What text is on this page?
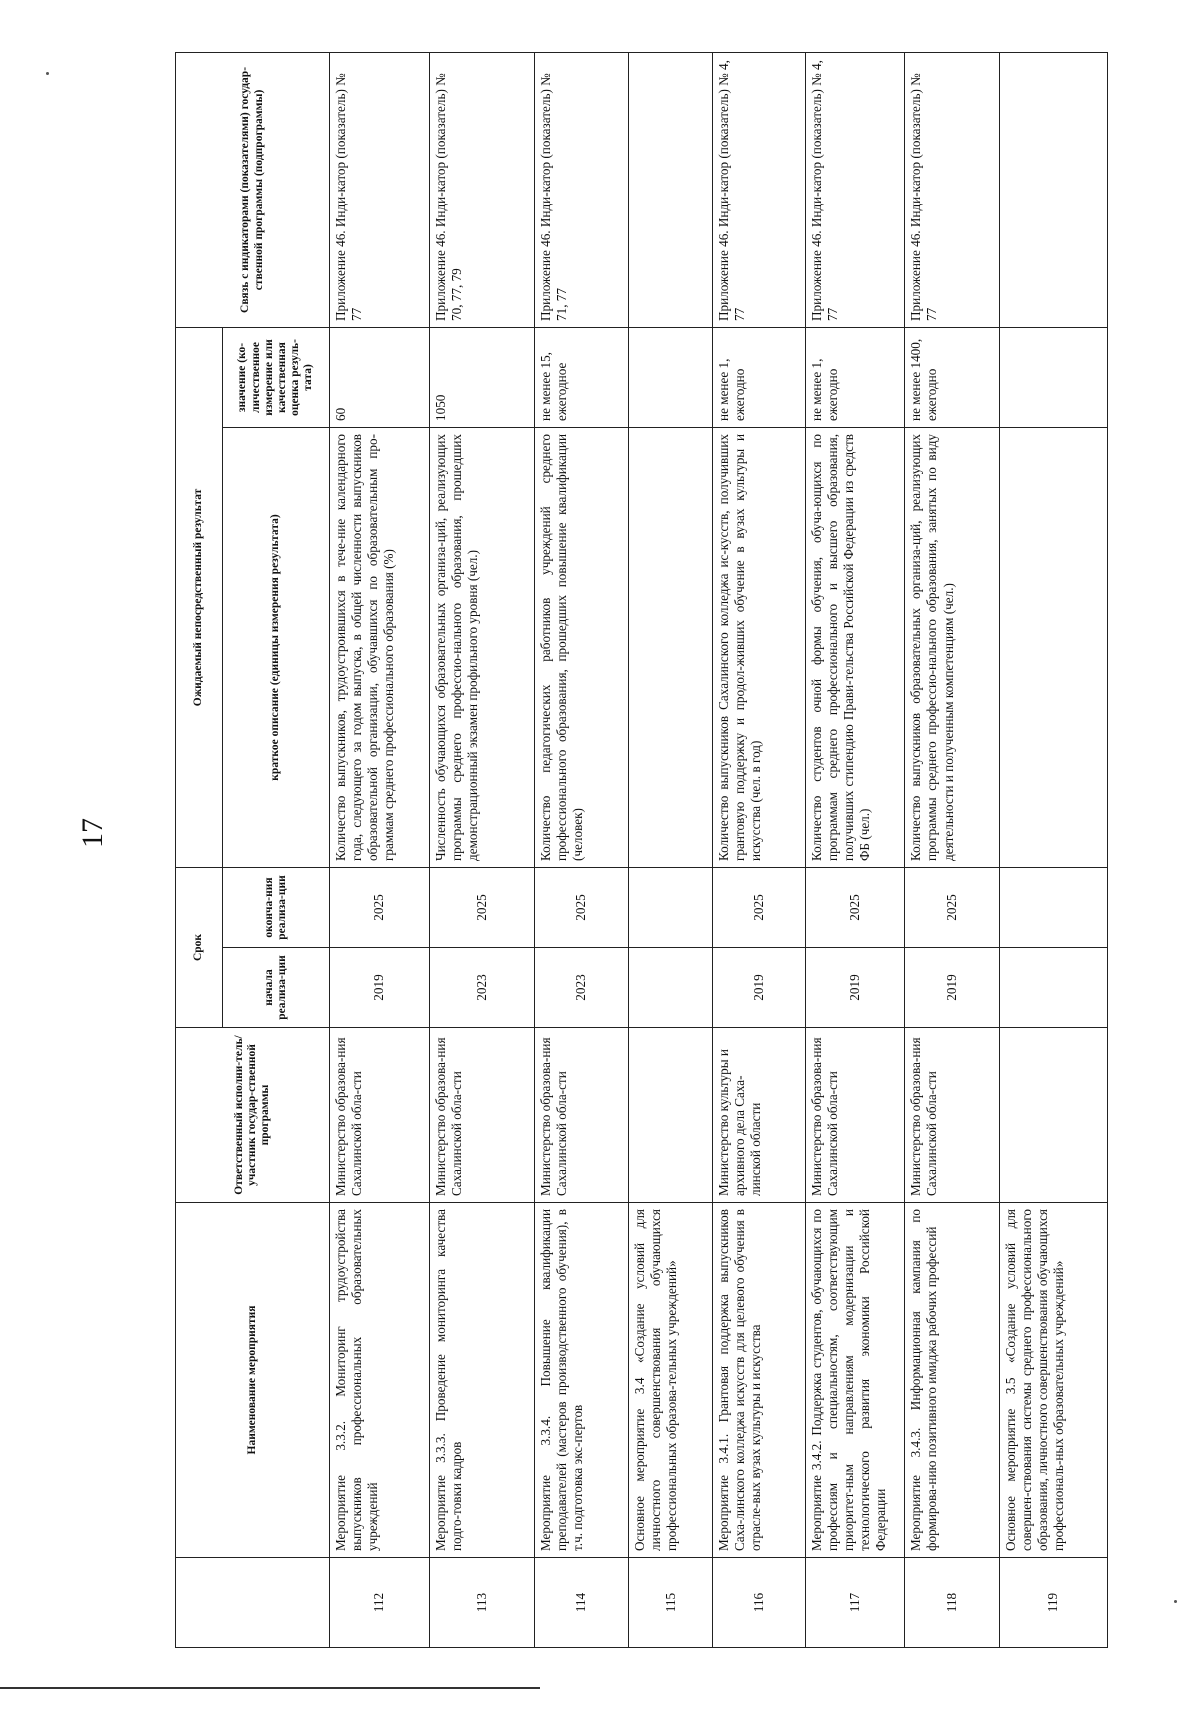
17
	Наименование мероприятия	Ответственный исполни-тель/участник государ-ственной программы	Срок		Ожидаемый непосредственный результат		Связь с индикаторами (показателями) государ-ственной программы (подпрограммы)
			начала реализа-ции	оконча-ния реализа-ции	краткое описание (единицы измерения результата)	значение (ко-личественное измерение или качественная оценка резуль-тата)	
112	Мероприятие 3.3.2. Мониторинг трудоустройства выпускников профессиональных образовательных учреждений	Министерство образова-ния Сахалинской обла-сти	2019	2025	Количество выпускников, трудоустроившихся в тече-ние календарного года, следующего за годом выпуска, в общей численности выпускников образовательной организации, обучавшихся по образовательным про-граммам среднего профессионального образования (%)	60	Приложение 46. Инди-катор (показатель) № 77
113	Мероприятие 3.3.3. Проведение мониторинга качества подго-товки кадров	Министерство образова-ния Сахалинской обла-сти	2023	2025	Численность обучающихся образовательных организа-ций, реализующих программы среднего профессио-нального образования, прошедших демонстрационный экзамен профильного уровня (чел.)	1050	Приложение 46. Инди-катор (показатель) № 70, 77, 79
114	Мероприятие 3.3.4. Повышение квалификации преподавателей (мастеров производственного обучения), в т.ч. подготовка экс-пертов	Министерство образова-ния Сахалинской обла-сти	2023	2025	Количество педагогических работников учреждений среднего профессионального образования, прошедших повышение квалификации (человек)	не менее 15, ежегодное	Приложение 46. Инди-катор (показатель) № 71, 77
115	Основное мероприятие 3.4 «Создание условий для личностного совершенствования обучающихся профессиональных образова-тельных учреждений»						
116	Мероприятие 3.4.1. Грантовая поддержка выпускников Саха-линского колледжа искусств для целевого обучения в отрасле-вых вузах культуры и искусства	Министерство культуры и архивного дела Саха-линской области	2019	2025	Количество выпускников Сахалинского колледжа ис-кусств, получивших грантовую поддержку и продол-живших обучение в вузах культуры и искусства (чел. в год)	не менее 1, ежегодно	Приложение 46. Инди-катор (показатель) № 4, 77
117	Мероприятие 3.4.2. Поддержка студентов, обучающихся по профессиям и специальностям, соответствующим приоритет-ным направлениям модернизации и технологического развития экономики Российской Федерации	Министерство образова-ния Сахалинской обла-сти	2019	2025	Количество студентов очной формы обучения, обуча-ющихся по программам среднего профессионального и высшего образования, получивших стипендию Прави-тельства Российской Федерации из средств ФБ (чел.)	не менее 1, ежегодно	Приложение 46. Инди-катор (показатель) № 4, 77
118	Мероприятие 3.4.3. Информационная кампания по формирова-нию позитивного имиджа рабочих профессий	Министерство образова-ния Сахалинской обла-сти	2019	2025	Количество выпускников образовательных организа-ций, реализующих программы среднего профессио-нального образования, занятых по виду деятельности и полученным компетенциям (чел.)	не менее 1400, ежегодно	Приложение 46. Инди-катор (показатель) № 77
119	Основное мероприятие 3.5 «Создание условий для совершен-ствования системы среднего профессионального образования, личностного совершенствования обучающихся профессиональ-ных образовательных учреждений»						
